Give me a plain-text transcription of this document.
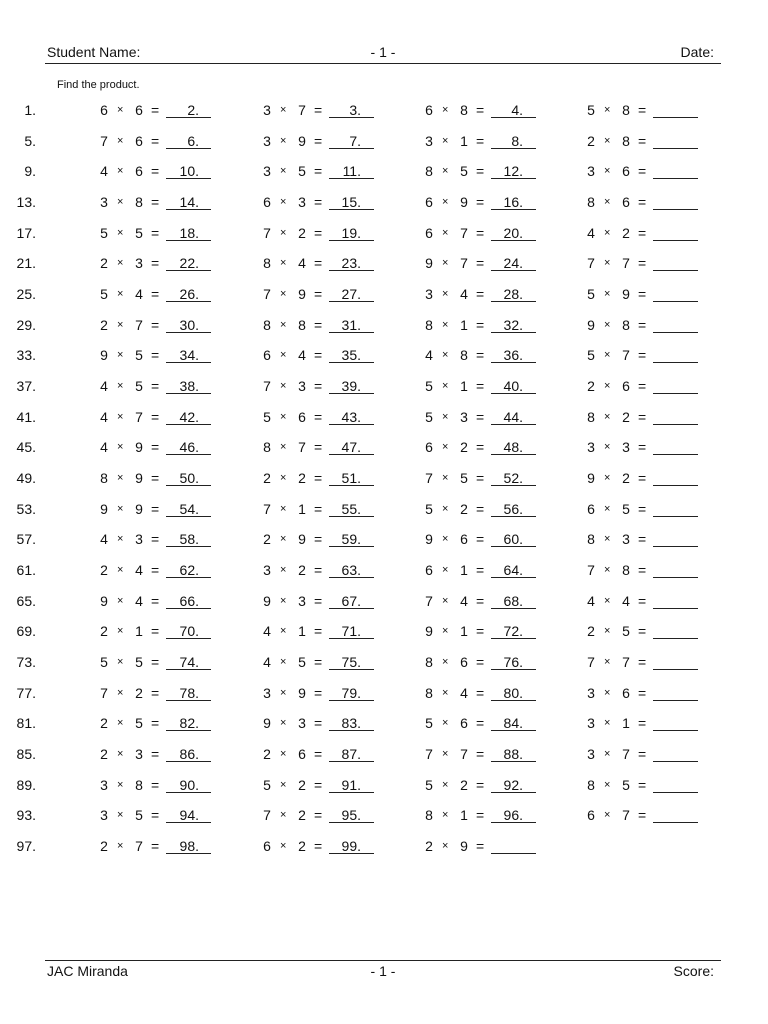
Student Name:	- 1 -	Date:
Find the product.
1.	6 × 6 =	2.	3 × 7 =	3.	6 × 8 =	4.	5 × 8 =
5.	7 × 6 =	6.	3 × 9 =	7.	3 × 1 =	8.	2 × 8 =
9.	4 × 6 =	10.	3 × 5 =	11.	8 × 5 =	12.	3 × 6 =
13.	3 × 8 =	14.	6 × 3 =	15.	6 × 9 =	16.	8 × 6 =
17.	5 × 5 =	18.	7 × 2 =	19.	6 × 7 =	20.	4 × 2 =
21.	2 × 3 =	22.	8 × 4 =	23.	9 × 7 =	24.	7 × 7 =
25.	5 × 4 =	26.	7 × 9 =	27.	3 × 4 =	28.	5 × 9 =
29.	2 × 7 =	30.	8 × 8 =	31.	8 × 1 =	32.	9 × 8 =
33.	9 × 5 =	34.	6 × 4 =	35.	4 × 8 =	36.	5 × 7 =
37.	4 × 5 =	38.	7 × 3 =	39.	5 × 1 =	40.	2 × 6 =
41.	4 × 7 =	42.	5 × 6 =	43.	5 × 3 =	44.	8 × 2 =
45.	4 × 9 =	46.	8 × 7 =	47.	6 × 2 =	48.	3 × 3 =
49.	8 × 9 =	50.	2 × 2 =	51.	7 × 5 =	52.	9 × 2 =
53.	9 × 9 =	54.	7 × 1 =	55.	5 × 2 =	56.	6 × 5 =
57.	4 × 3 =	58.	2 × 9 =	59.	9 × 6 =	60.	8 × 3 =
61.	2 × 4 =	62.	3 × 2 =	63.	6 × 1 =	64.	7 × 8 =
65.	9 × 4 =	66.	9 × 3 =	67.	7 × 4 =	68.	4 × 4 =
69.	2 × 1 =	70.	4 × 1 =	71.	9 × 1 =	72.	2 × 5 =
73.	5 × 5 =	74.	4 × 5 =	75.	8 × 6 =	76.	7 × 7 =
77.	7 × 2 =	78.	3 × 9 =	79.	8 × 4 =	80.	3 × 6 =
81.	2 × 5 =	82.	9 × 3 =	83.	5 × 6 =	84.	3 × 1 =
85.	2 × 3 =	86.	2 × 6 =	87.	7 × 7 =	88.	3 × 7 =
89.	3 × 8 =	90.	5 × 2 =	91.	5 × 2 =	92.	8 × 5 =
93.	3 × 5 =	94.	7 × 2 =	95.	8 × 1 =	96.	6 × 7 =
97.	2 × 7 =	98.	6 × 2 =	99.	2 × 9 =
JAC Miranda	- 1 -	Score:
